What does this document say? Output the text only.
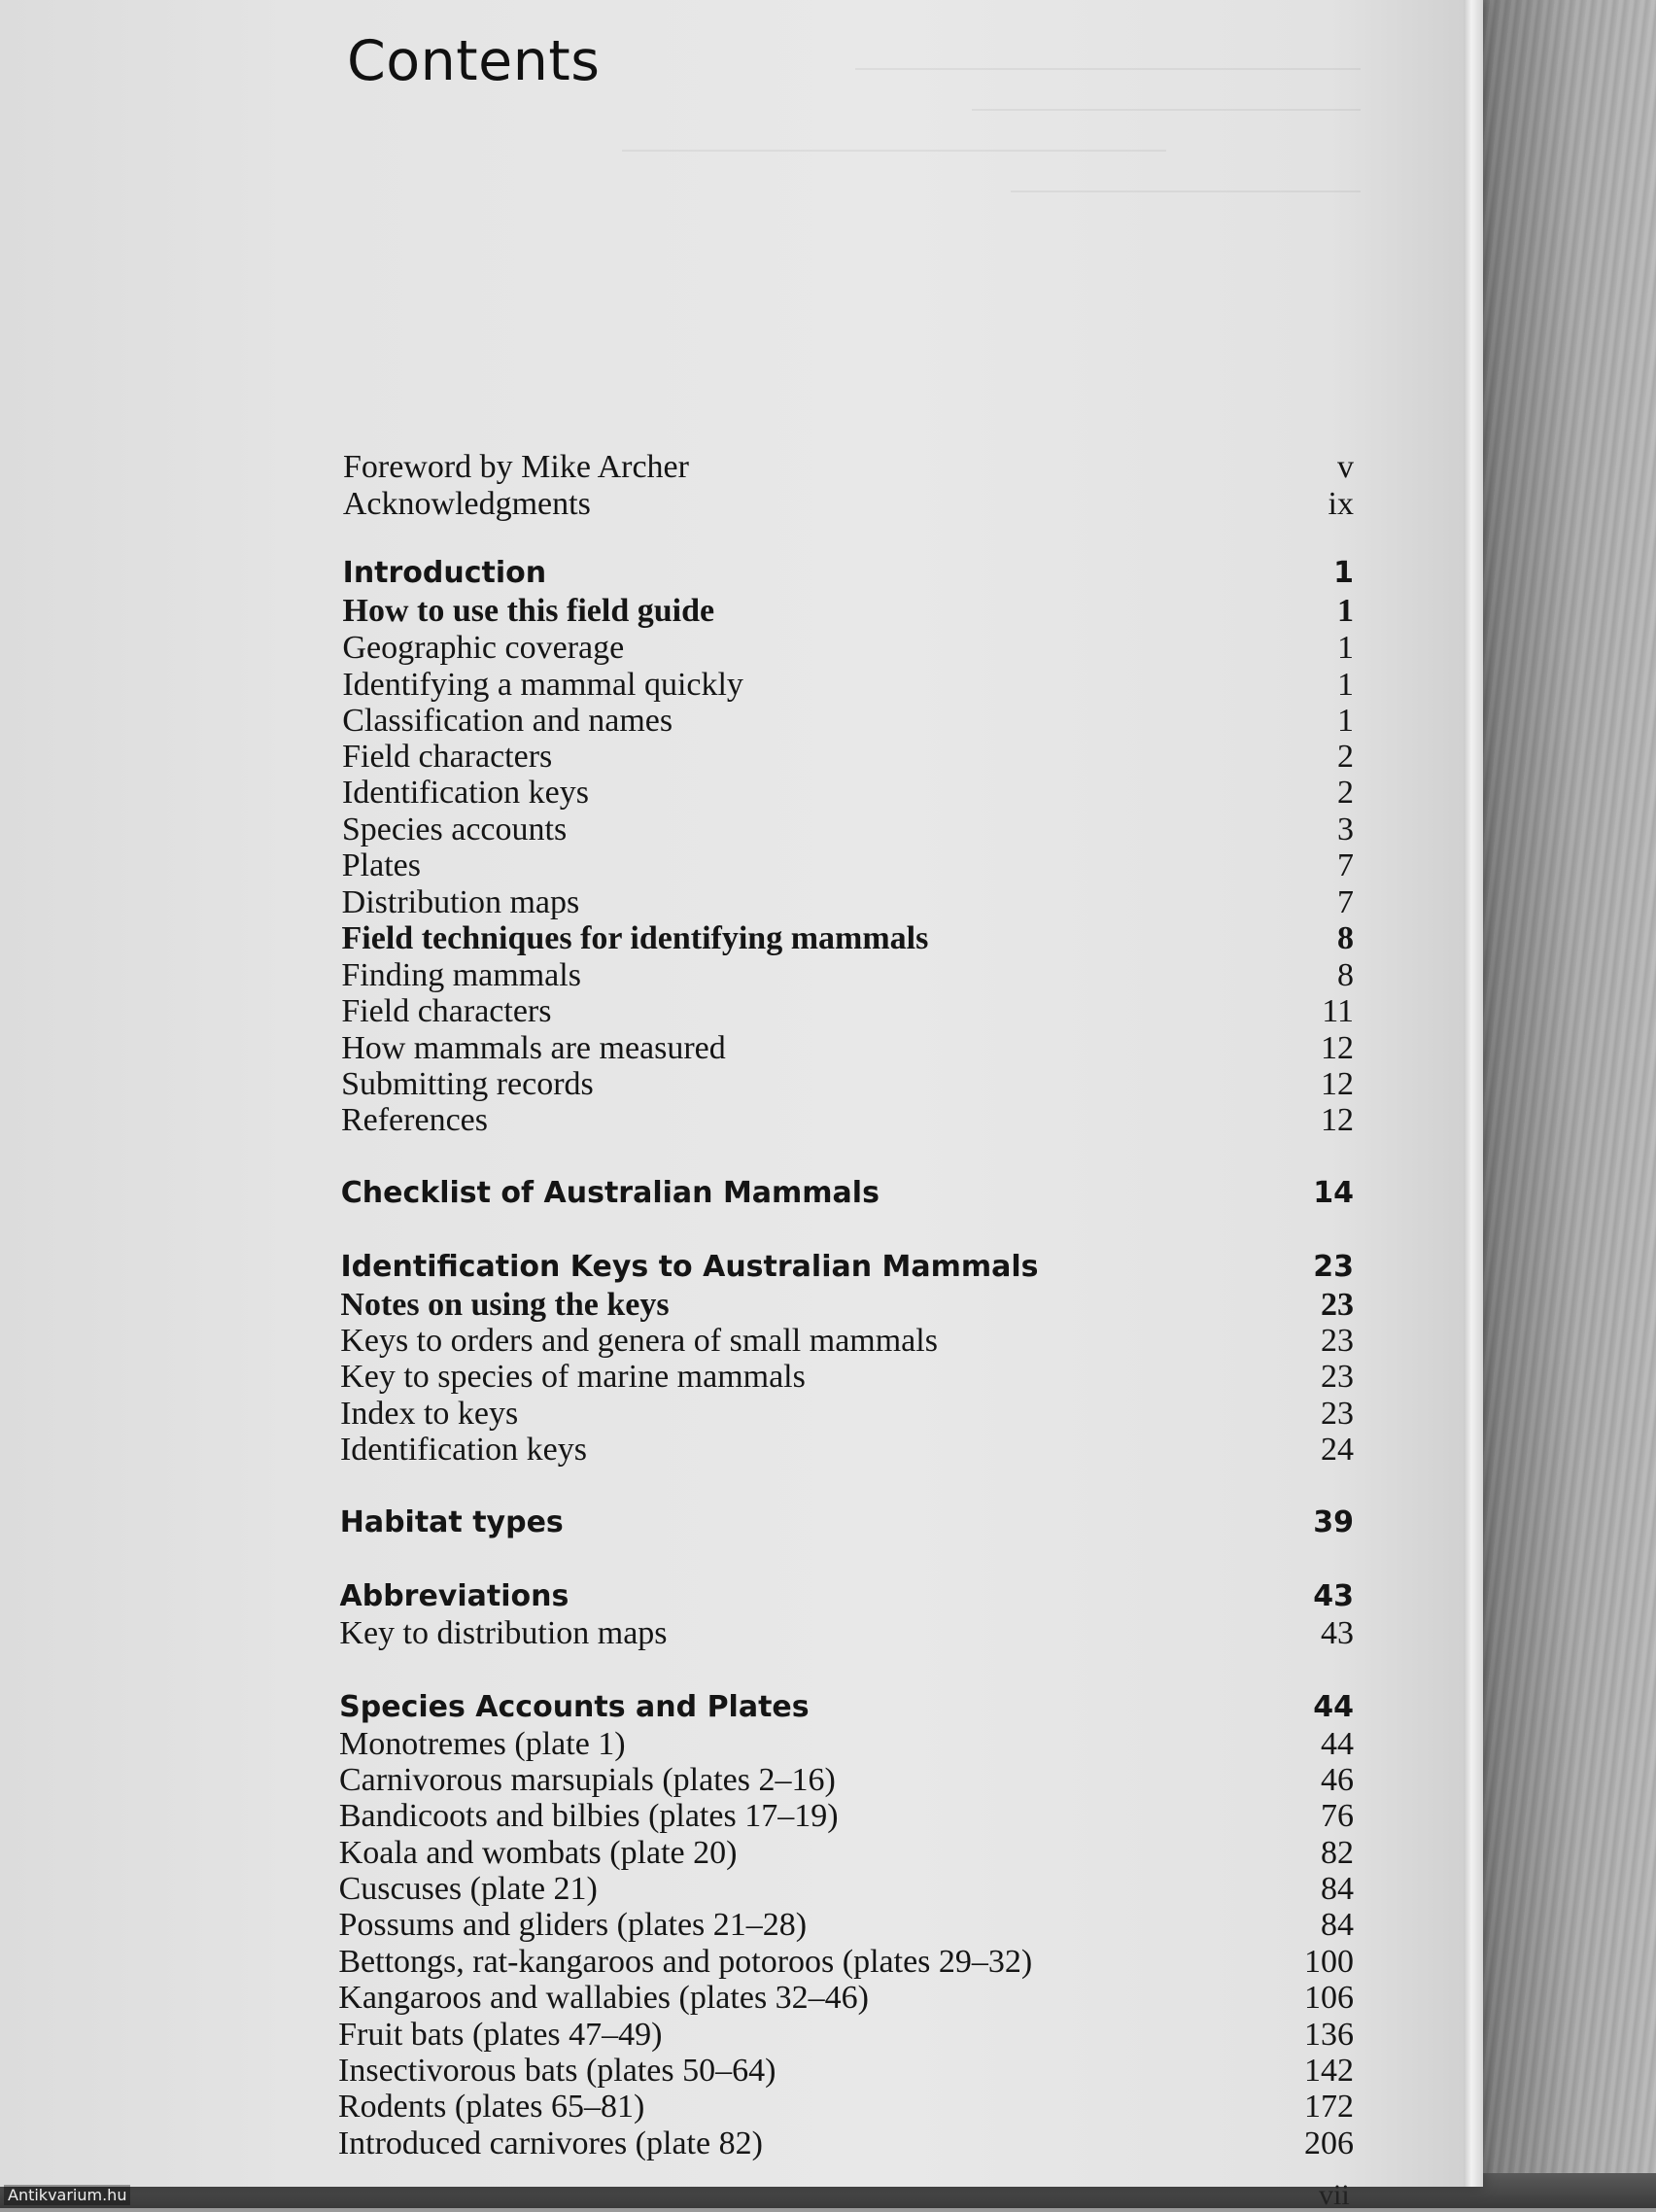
Contents
Foreword by Mike Archer	v
Acknowledgments	ix
Introduction	1
How to use this field guide	1
Geographic coverage	1
Identifying a mammal quickly	1
Classification and names	1
Field characters	2
Identification keys	2
Species accounts	3
Plates	7
Distribution maps	7
Field techniques for identifying mammals	8
Finding mammals	8
Field characters	11
How mammals are measured	12
Submitting records	12
References	12
Checklist of Australian Mammals	14
Identification Keys to Australian Mammals	23
Notes on using the keys	23
Keys to orders and genera of small mammals	23
Key to species of marine mammals	23
Index to keys	23
Identification keys	24
Habitat types	39
Abbreviations	43
Key to distribution maps	43
Species Accounts and Plates	44
Monotremes (plate 1)	44
Carnivorous marsupials (plates 2–16)	46
Bandicoots and bilbies (plates 17–19)	76
Koala and wombats (plate 20)	82
Cuscuses (plate 21)	84
Possums and gliders (plates 21–28)	84
Bettongs, rat-kangaroos and potoroos (plates 29–32)	100
Kangaroos and wallabies (plates 32–46)	106
Fruit bats (plates 47–49)	136
Insectivorous bats (plates 50–64)	142
Rodents (plates 65–81)	172
Introduced carnivores (plate 82)	206
vii
Antikvarium.hu
